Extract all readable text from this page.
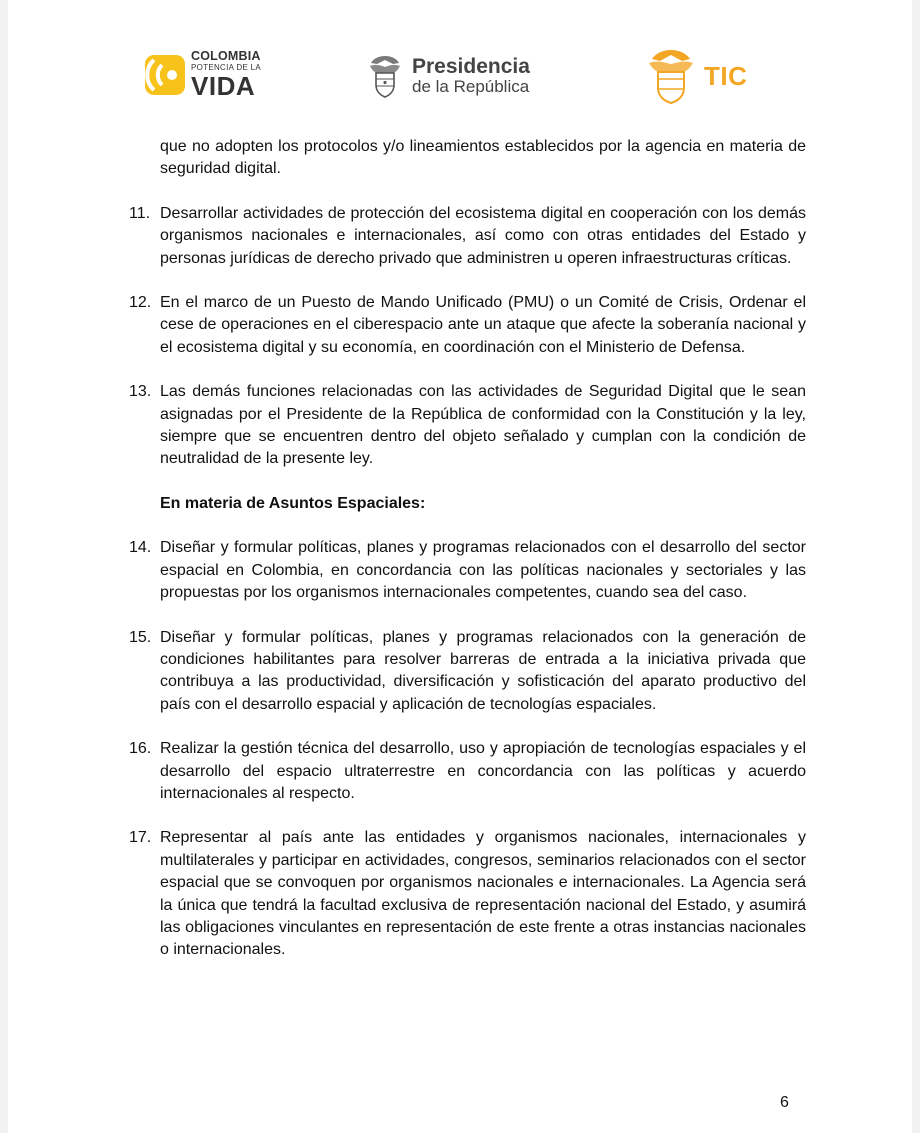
COLOMBIA
POTENCIA DE LA
VIDA
Presidencia
de la República	TIC

que no adopten los protocolos y/o lineamientos establecidos por la agencia en materia de seguridad digital.

11. Desarrollar actividades de protección del ecosistema digital en cooperación con los demás organismos nacionales e internacionales, así como con otras entidades del Estado y personas jurídicas de derecho privado que administren u operen infraestructuras críticas.

12. En el marco de un Puesto de Mando Unificado (PMU) o un Comité de Crisis, Ordenar el cese de operaciones en el ciberespacio ante un ataque que afecte la soberanía nacional y el ecosistema digital y su economía, en coordinación con el Ministerio de Defensa.

13. Las demás funciones relacionadas con las actividades de Seguridad Digital que le sean asignadas por el Presidente de la República de conformidad con la Constitución y la ley, siempre que se encuentren dentro del objeto señalado y cumplan con la condición de neutralidad de la presente ley.

En materia de Asuntos Espaciales:
14. Diseñar y formular políticas, planes y programas relacionados con el desarrollo del sector espacial en Colombia, en concordancia con las políticas nacionales y sectoriales y las propuestas por los organismos internacionales competentes, cuando sea del caso.

15. Diseñar y formular políticas, planes y programas relacionados con la generación de condiciones habilitantes para resolver barreras de entrada a la iniciativa privada que contribuya a las productividad, diversificación y sofisticación del aparato productivo del país con el desarrollo espacial y aplicación de tecnologías espaciales.

16. Realizar la gestión técnica del desarrollo, uso y apropiación de tecnologías espaciales y el desarrollo del espacio ultraterrestre en concordancia con las políticas y acuerdo internacionales al respecto.

17. Representar al país ante las entidades y organismos nacionales, internacionales y multilaterales y participar en actividades, congresos, seminarios relacionados con el sector espacial que se convoquen por organismos nacionales e internacionales. La Agencia será la única que tendrá la facultad exclusiva de representación nacional del Estado, y asumirá las obligaciones vinculantes en representación de este frente a otras instancias nacionales o internacionales.

6
